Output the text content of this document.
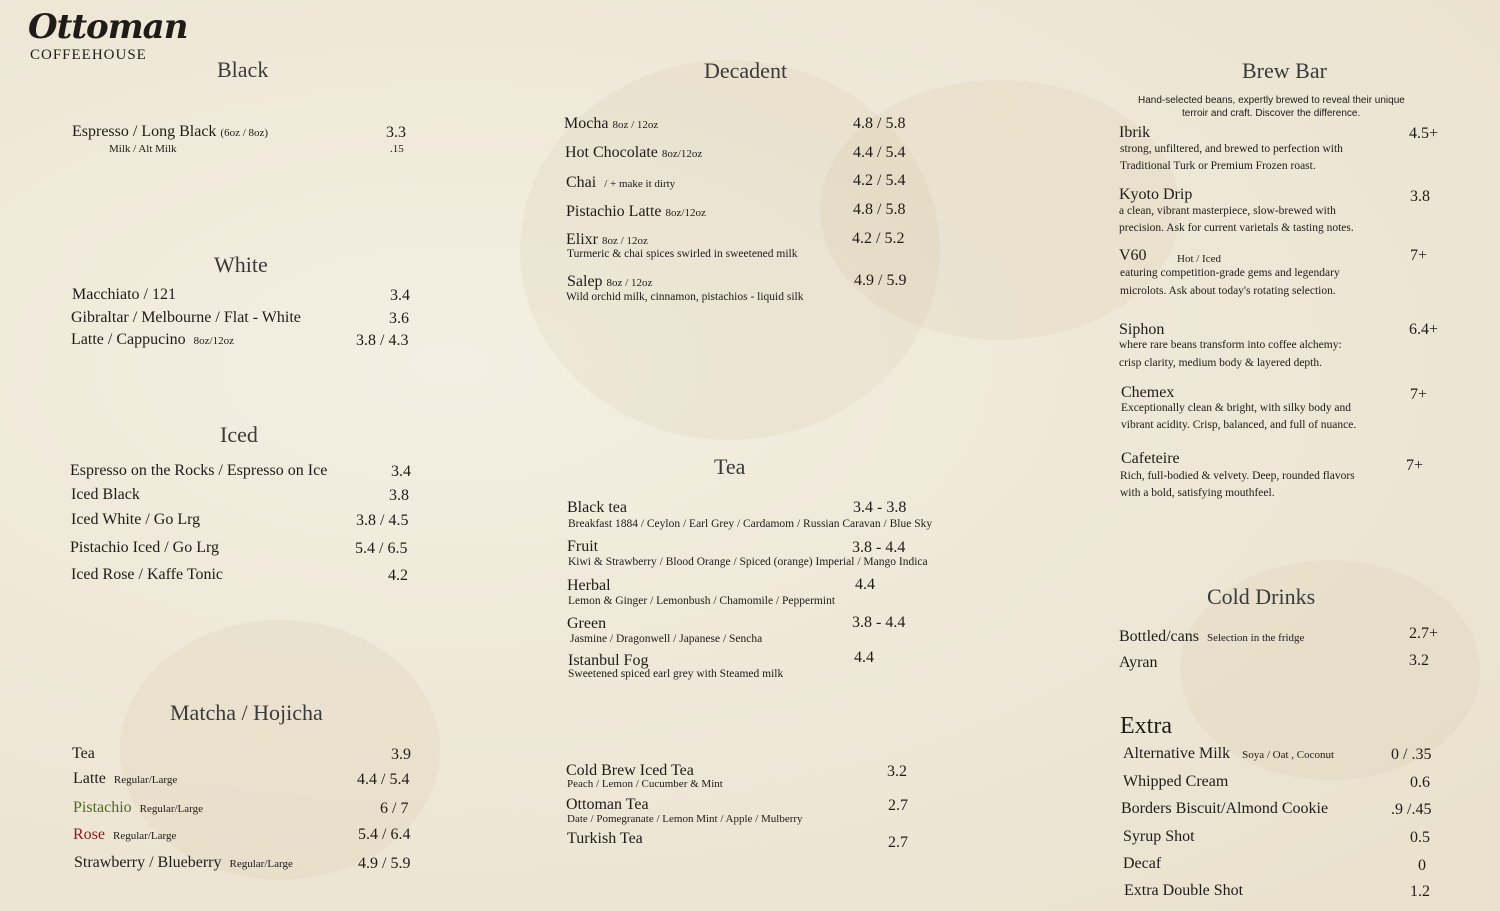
Ottoman
COFFEEHOUSE
Black
Espresso / Long Black (6oz / 8oz)	3.3
Milk / Alt Milk	.15
White
Macchiato / 121	3.4
Gibraltar / Melbourne / Flat - White	3.6
Latte / Cappucino 8oz/12oz	3.8 / 4.3
Iced
Espresso on the Rocks / Espresso on Ice	3.4
Iced Black	3.8
Iced White / Go Lrg	3.8 / 4.5
Pistachio Iced / Go Lrg	5.4 / 6.5
Iced Rose / Kaffe Tonic	4.2
Matcha / Hojicha
Tea	3.9
Latte Regular/Large	4.4 / 5.4
Pistachio Regular/Large	6 / 7
Rose Regular/Large	5.4 / 6.4
Strawberry / Blueberry Regular/Large	4.9 / 5.9
Decadent
Mocha 8oz / 12oz	4.8 / 5.8
Hot Chocolate 8oz/12oz	4.4 / 5.4
Chai / + make it dirty	4.2 / 5.4
Pistachio Latte 8oz/12oz	4.8 / 5.8
Elixr 8oz / 12oz	4.2 / 5.2
Turmeric & chai spices swirled in sweetened milk
Salep 8oz / 12oz	4.9 / 5.9
Wild orchid milk, cinnamon, pistachios - liquid silk
Tea
Black tea	3.4 - 3.8
Breakfast 1884 / Ceylon / Earl Grey / Cardamom / Russian Caravan / Blue Sky
Fruit	3.8 - 4.4
Kiwi & Strawberry / Blood Orange / Spiced (orange) Imperial / Mango Indica
Herbal	4.4
Lemon & Ginger / Lemonbush / Chamomile / Peppermint
Green	3.8 - 4.4
Jasmine / Dragonwell / Japanese / Sencha
Istanbul Fog	4.4
Sweetened spiced earl grey with Steamed milk
Cold Brew Iced Tea	3.2
Peach / Lemon / Cucumber & Mint
Ottoman Tea	2.7
Date / Pomegranate / Lemon Mint / Apple / Mulberry
Turkish Tea	2.7
Brew Bar
Hand-selected beans, expertly brewed to reveal their unique
terroir and craft. Discover the difference.
Ibrik	4.5+
strong, unfiltered, and brewed to perfection with
Traditional Turk or Premium Frozen roast.
Kyoto Drip	3.8
a clean, vibrant masterpiece, slow-brewed with
precision. Ask for current varietals & tasting notes.
V60	Hot / Iced	7+
eaturing competition-grade gems and legendary
microlots. Ask about today's rotating selection.
Siphon	6.4+
where rare beans transform into coffee alchemy:
crisp clarity, medium body & layered depth.
Chemex	7+
Exceptionally clean & bright, with silky body and
vibrant acidity. Crisp, balanced, and full of nuance.
Cafeteire	7+
Rich, full-bodied & velvety. Deep, rounded flavors
with a bold, satisfying mouthfeel.
Cold Drinks
Bottled/cans Selection in the fridge	2.7+
Ayran	3.2
Extra
Alternative Milk Soya / Oat , Coconut	0 / .35
Whipped Cream	0.6
Borders Biscuit/Almond Cookie	.9 /.45
Syrup Shot	0.5
Decaf	0
Extra Double Shot	1.2
